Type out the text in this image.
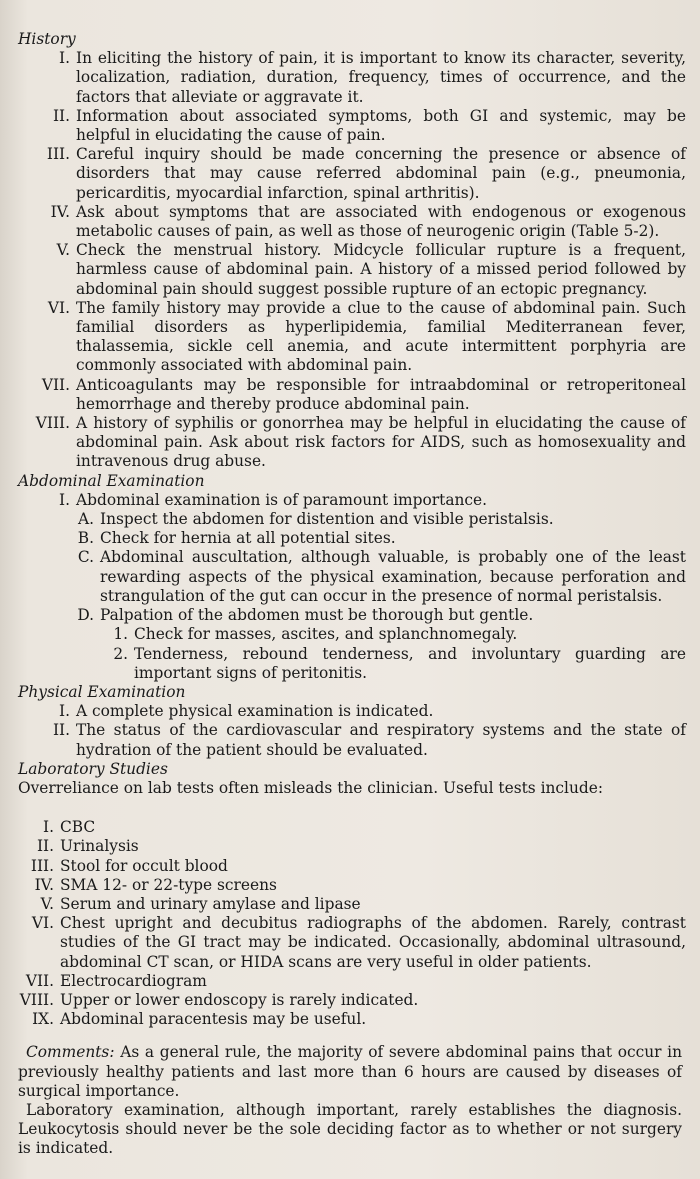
History
I. In eliciting the history of pain, it is important to know its character, severity, localization, radiation, duration, frequency, times of occurrence, and the factors that alleviate or aggravate it.
II. Information about associated symptoms, both GI and systemic, may be helpful in elucidating the cause of pain.
III. Careful inquiry should be made concerning the presence or absence of disorders that may cause referred abdominal pain (e.g., pneumonia, pericarditis, myocardial infarction, spinal arthritis).
IV. Ask about symptoms that are associated with endogenous or exogenous metabolic causes of pain, as well as those of neurogenic origin (Table 5-2).
V. Check the menstrual history. Midcycle follicular rupture is a frequent, harmless cause of abdominal pain. A history of a missed period followed by abdominal pain should suggest possible rupture of an ectopic pregnancy.
VI. The family history may provide a clue to the cause of abdominal pain. Such familial disorders as hyperlipidemia, familial Mediterranean fever, thalassemia, sickle cell anemia, and acute intermittent porphyria are commonly associated with abdominal pain.
VII. Anticoagulants may be responsible for intraabdominal or retroperitoneal hemorrhage and thereby produce abdominal pain.
VIII. A history of syphilis or gonorrhea may be helpful in elucidating the cause of abdominal pain. Ask about risk factors for AIDS, such as homosexuality and intravenous drug abuse.
Abdominal Examination
I. Abdominal examination is of paramount importance.
A. Inspect the abdomen for distention and visible peristalsis.
B. Check for hernia at all potential sites.
C. Abdominal auscultation, although valuable, is probably one of the least rewarding aspects of the physical examination, because perforation and strangulation of the gut can occur in the presence of normal peristalsis.
D. Palpation of the abdomen must be thorough but gentle.
1. Check for masses, ascites, and splanchnomegaly.
2. Tenderness, rebound tenderness, and involuntary guarding are important signs of peritonitis.
Physical Examination
I. A complete physical examination is indicated.
II. The status of the cardiovascular and respiratory systems and the state of hydration of the patient should be evaluated.
Laboratory Studies

Overreliance on lab tests often misleads the clinician. Useful tests include:

I. CBC
II. Urinalysis
III. Stool for occult blood
IV. SMA 12- or 22-type screens
V. Serum and urinary amylase and lipase
VI. Chest upright and decubitus radiographs of the abdomen. Rarely, contrast studies of the GI tract may be indicated. Occasionally, abdominal ultrasound, abdominal CT scan, or HIDA scans are very useful in older patients.
VII. Electrocardiogram
VIII. Upper or lower endoscopy is rarely indicated.
IX. Abdominal paracentesis may be useful.

Comments: As a general rule, the majority of severe abdominal pains that occur in previously healthy patients and last more than 6 hours are caused by diseases of surgical importance.

Laboratory examination, although important, rarely establishes the diagnosis. Leukocytosis should never be the sole deciding factor as to whether or not surgery is indicated.
